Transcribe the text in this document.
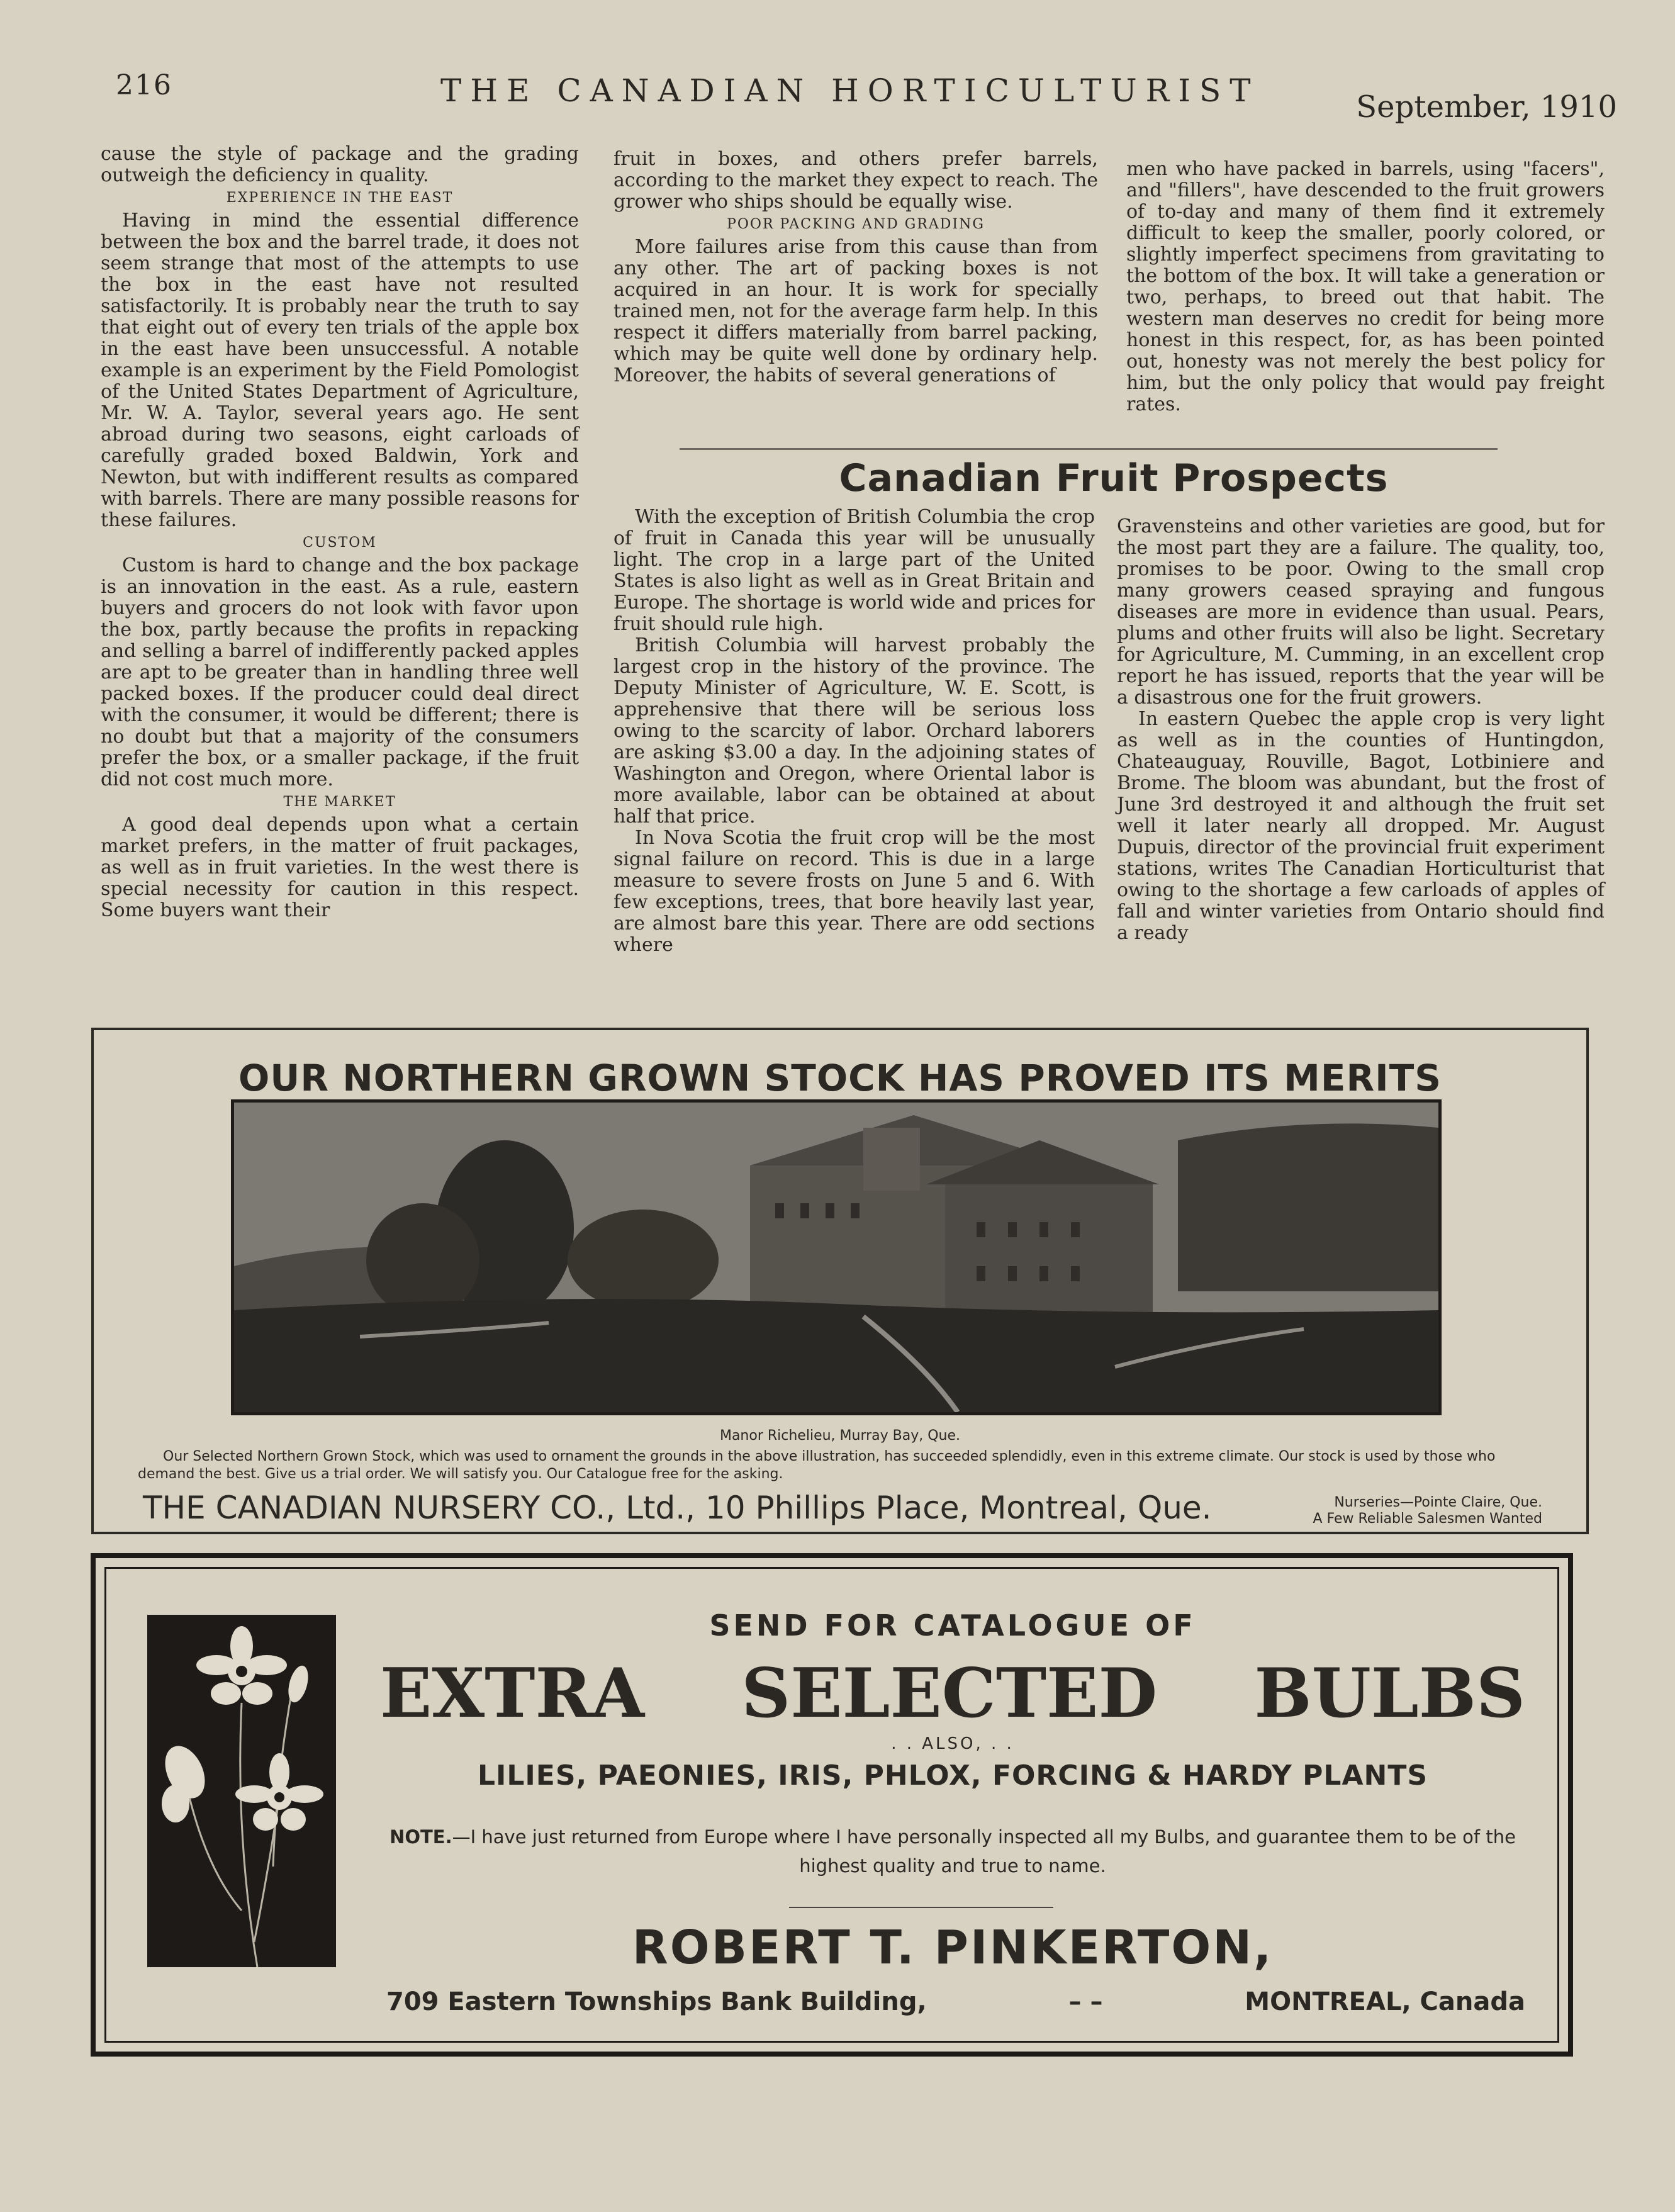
216	THE CANADIAN HORTICULTURIST	September, 1910

cause the style of package and the grading outweigh the deficiency in quality.

EXPERIENCE IN THE EAST

Having in mind the essential difference between the box and the barrel trade, it does not seem strange that most of the attempts to use the box in the east have not resulted satisfactorily. It is probably near the truth to say that eight out of every ten trials of the apple box in the east have been unsuccessful. A notable example is an experiment by the Field Pomologist of the United States Department of Agriculture, Mr. W. A. Taylor, several years ago. He sent abroad during two seasons, eight carloads of carefully graded boxed Baldwin, York and Newton, but with indifferent results as compared with barrels. There are many possible reasons for these failures.

CUSTOM

Custom is hard to change and the box package is an innovation in the east. As a rule, eastern buyers and grocers do not look with favor upon the box, partly because the profits in repacking and selling a barrel of indifferently packed apples are apt to be greater than in handling three well packed boxes. If the producer could deal direct with the consumer, it would be different; there is no doubt but that a majority of the consumers prefer the box, or a smaller package, if the fruit did not cost much more.

THE MARKET

A good deal depends upon what a certain market prefers, in the matter of fruit packages, as well as in fruit varieties. In the west there is special necessity for caution in this respect. Some buyers want their

fruit in boxes, and others prefer barrels, according to the market they expect to reach. The grower who ships should be equally wise.

POOR PACKING AND GRADING

More failures arise from this cause than from any other. The art of packing boxes is not acquired in an hour. It is work for specially trained men, not for the average farm help. In this respect it differs materially from barrel packing, which may be quite well done by ordinary help. Moreover, the habits of several generations of

men who have packed in barrels, using "facers", and "fillers", have descended to the fruit growers of to-day and many of them find it extremely difficult to keep the smaller, poorly colored, or slightly imperfect specimens from gravitating to the bottom of the box. It will take a generation or two, perhaps, to breed out that habit. The western man deserves no credit for being more honest in this respect, for, as has been pointed out, honesty was not merely the best policy for him, but the only policy that would pay freight rates.

Canadian Fruit Prospects

With the exception of British Columbia the crop of fruit in Canada this year will be unusually light. The crop in a large part of the United States is also light as well as in Great Britain and Europe. The shortage is world wide and prices for fruit should rule high.

British Columbia will harvest probably the largest crop in the history of the province. The Deputy Minister of Agriculture, W. E. Scott, is apprehensive that there will be serious loss owing to the scarcity of labor. Orchard laborers are asking $3.00 a day. In the adjoining states of Washington and Oregon, where Oriental labor is more available, labor can be obtained at about half that price.

In Nova Scotia the fruit crop will be the most signal failure on record. This is due in a large measure to severe frosts on June 5 and 6. With few exceptions, trees, that bore heavily last year, are almost bare this year. There are odd sections where

Gravensteins and other varieties are good, but for the most part they are a failure. The quality, too, promises to be poor. Owing to the small crop many growers ceased spraying and fungous diseases are more in evidence than usual. Pears, plums and other fruits will also be light. Secretary for Agriculture, M. Cumming, in an excellent crop report he has issued, reports that the year will be a disastrous one for the fruit growers.

In eastern Quebec the apple crop is very light as well as in the counties of Huntingdon, Chateauguay, Rouville, Bagot, Lotbiniere and Brome. The bloom was abundant, but the frost of June 3rd destroyed it and although the fruit set well it later nearly all dropped. Mr. August Dupuis, director of the provincial fruit experiment stations, writes The Canadian Horticulturist that owing to the shortage a few carloads of apples of fall and winter varieties from Ontario should find a ready

OUR NORTHERN GROWN STOCK HAS PROVED ITS MERITS
Manor Richelieu, Murray Bay, Que.
Our Selected Northern Grown Stock, which was used to ornament the grounds in the above illustration, has succeeded splendidly, even in this extreme climate. Our stock is used by those who demand the best. Give us a trial order. We will satisfy you. Our Catalogue free for the asking.
THE CANADIAN NURSERY CO., Ltd., 10 Phillips Place, Montreal, Que.	Nurseries—Pointe Claire, Que.
A Few Reliable Salesmen Wanted
SEND FOR CATALOGUE OF
EXTRA SELECTED BULBS
. . ALSO, . .
LILIES, PAEONIES, IRIS, PHLOX, FORCING & HARDY PLANTS
NOTE.—I have just returned from Europe where I have personally inspected all my Bulbs, and guarantee them to be of the highest quality and true to name.
ROBERT T. PINKERTON,
709 Eastern Townships Bank Building,	– –	MONTREAL, Canada
